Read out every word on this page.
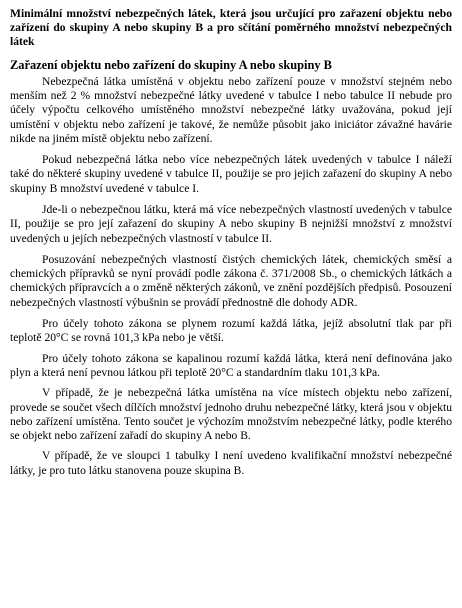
Minimální množství nebezpečných látek, která jsou určující pro zařazení objektu nebo zařízení do skupiny A nebo skupiny B a pro sčítání poměrného množství nebezpečných látek

Zařazení objektu nebo zařízení do skupiny A nebo skupiny B

Nebezpečná látka umístěná v objektu nebo zařízení pouze v množství stejném nebo menším než 2 % množství nebezpečné látky uvedené v tabulce I nebo tabulce II nebude pro účely výpočtu celkového umístěného množství nebezpečné látky uvažována, pokud její umístění v objektu nebo zařízení je takové, že nemůže působit jako iniciátor závažné havárie nikde na jiném místě objektu nebo zařízení.

Pokud nebezpečná látka nebo více nebezpečných látek uvedených v tabulce I náleží také do některé skupiny uvedené v tabulce II, použije se pro jejich zařazení do skupiny A nebo skupiny B množství uvedené v tabulce I.

Jde-li o nebezpečnou látku, která má více nebezpečných vlastností uvedených v tabulce II, použije se pro její zařazení do skupiny A nebo skupiny B nejnižší množství z množství uvedených u jejích nebezpečných vlastností v tabulce II.

Posuzování nebezpečných vlastností čistých chemických látek, chemických směsí a chemických přípravků se nyní provádí podle zákona č. 371/2008 Sb., o chemických látkách a chemických přípravcích a o změně některých zákonů, ve znění pozdějších předpisů. Posouzení nebezpečných vlastností výbušnin se provádí přednostně dle dohody ADR.

Pro účely tohoto zákona se plynem rozumí každá látka, jejíž absolutní tlak par při teplotě 20°C se rovná 101,3 kPa nebo je větší.

Pro účely tohoto zákona se kapalinou rozumí každá látka, která není definována jako plyn a která není pevnou látkou při teplotě 20°C a standardním tlaku 101,3 kPa.

V případě, že je nebezpečná látka umístěna na více místech objektu nebo zařízení, provede se součet všech dílčích množství jednoho druhu nebezpečné látky, která jsou v objektu nebo zařízení umístěna. Tento součet je výchozím množstvím nebezpečné látky, podle kterého se objekt nebo zařízení zařadí do skupiny A nebo B.

V případě, že ve sloupci 1 tabulky I není uvedeno kvalifikační množství nebezpečné látky, je pro tuto látku stanovena pouze skupina B.
